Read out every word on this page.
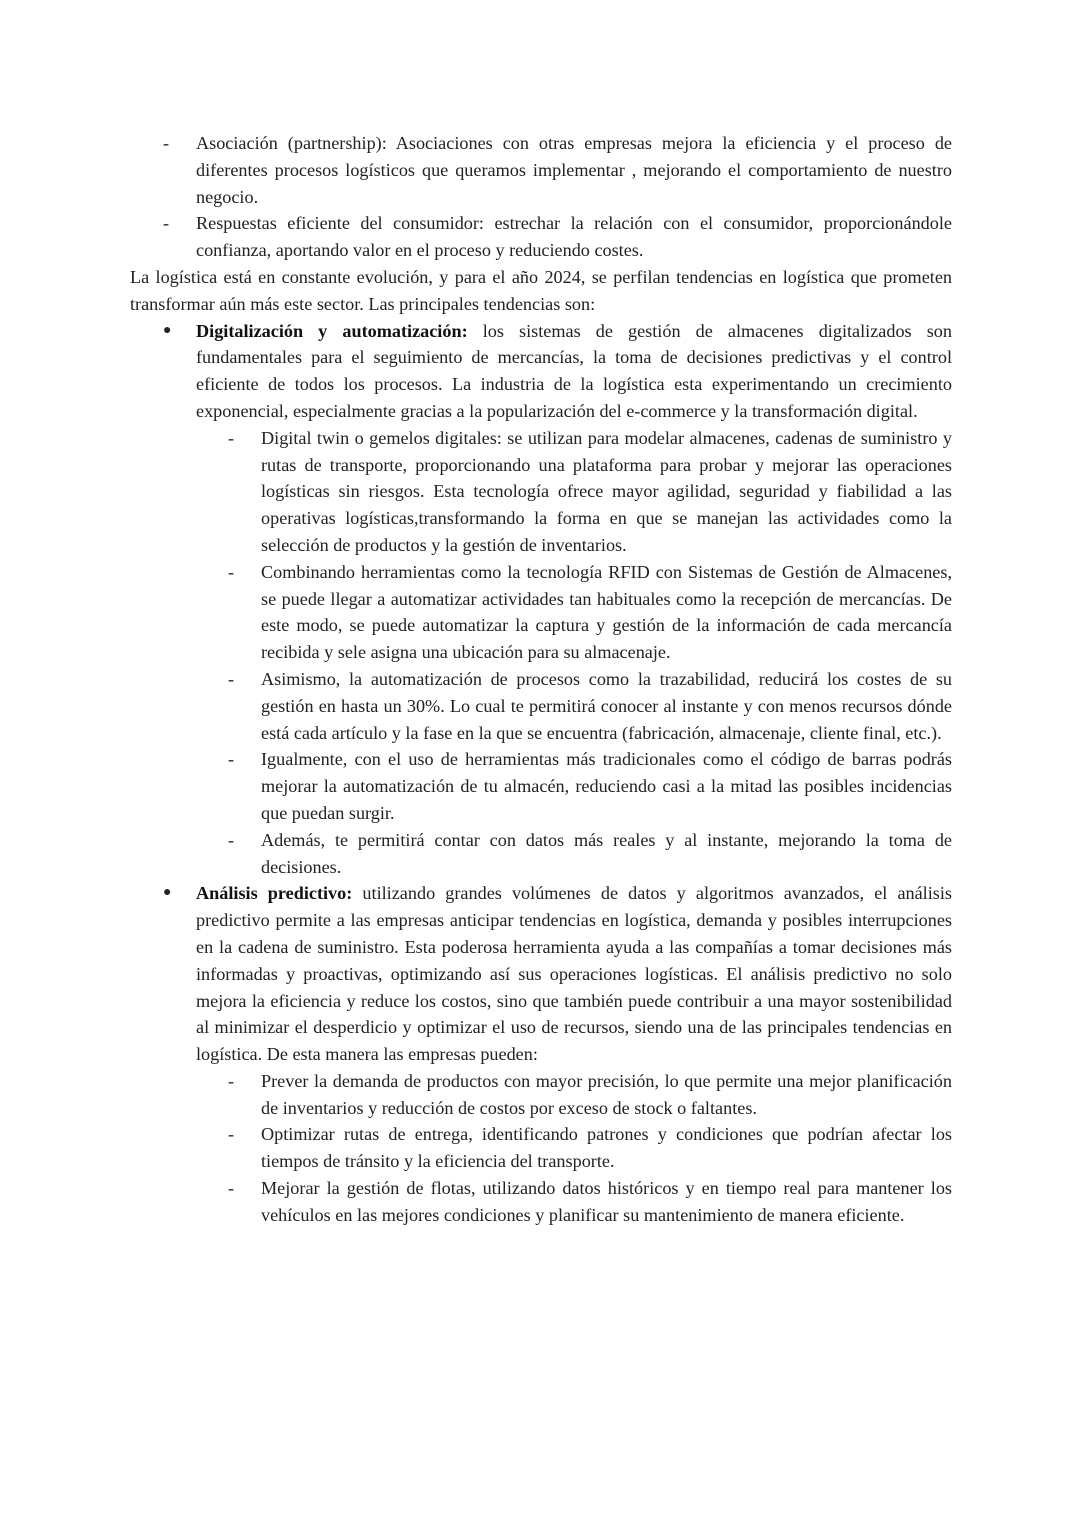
- Asociación (partnership): Asociaciones con otras empresas mejora la eficiencia y el proceso de diferentes procesos logísticos que queramos implementar , mejorando el comportamiento de nuestro negocio.
- Respuestas eficiente del consumidor: estrechar la relación con el consumidor, proporcionándole confianza, aportando valor en el proceso y reduciendo costes.

La logística está en constante evolución, y para el año 2024, se perfilan tendencias en logística que prometen transformar aún más este sector. Las principales tendencias son:

● Digitalización y automatización: los sistemas de gestión de almacenes digitalizados son fundamentales para el seguimiento de mercancías, la toma de decisiones predictivas y el control eficiente de todos los procesos. La industria de la logística esta experimentando un crecimiento exponencial, especialmente gracias a la popularización del e-commerce y la transformación digital.
- Digital twin o gemelos digitales: se utilizan para modelar almacenes, cadenas de suministro y rutas de transporte, proporcionando una plataforma para probar y mejorar las operaciones logísticas sin riesgos. Esta tecnología ofrece mayor agilidad, seguridad y fiabilidad a las operativas logísticas,transformando la forma en que se manejan las actividades como la selección de productos y la gestión de inventarios.
- Combinando herramientas como la tecnología RFID con Sistemas de Gestión de Almacenes, se puede llegar a automatizar actividades tan habituales como la recepción de mercancías. De este modo, se puede automatizar la captura y gestión de la información de cada mercancía recibida y sele asigna una ubicación para su almacenaje.
- Asimismo, la automatización de procesos como la trazabilidad, reducirá los costes de su gestión en hasta un 30%. Lo cual te permitirá conocer al instante y con menos recursos dónde está cada artículo y la fase en la que se encuentra (fabricación, almacenaje, cliente final, etc.).
- Igualmente, con el uso de herramientas más tradicionales como el código de barras podrás mejorar la automatización de tu almacén, reduciendo casi a la mitad las posibles incidencias que puedan surgir.
- Además, te permitirá contar con datos más reales y al instante, mejorando la toma de decisiones.
● Análisis predictivo: utilizando grandes volúmenes de datos y algoritmos avanzados, el análisis predictivo permite a las empresas anticipar tendencias en logística, demanda y posibles interrupciones en la cadena de suministro. Esta poderosa herramienta ayuda a las compañías a tomar decisiones más informadas y proactivas, optimizando así sus operaciones logísticas. El análisis predictivo no solo mejora la eficiencia y reduce los costos, sino que también puede contribuir a una mayor sostenibilidad al minimizar el desperdicio y optimizar el uso de recursos, siendo una de las principales tendencias en logística. De esta manera las empresas pueden:
- Prever la demanda de productos con mayor precisión, lo que permite una mejor planificación de inventarios y reducción de costos por exceso de stock o faltantes.
- Optimizar rutas de entrega, identificando patrones y condiciones que podrían afectar los tiempos de tránsito y la eficiencia del transporte.
- Mejorar la gestión de flotas, utilizando datos históricos y en tiempo real para mantener los vehículos en las mejores condiciones y planificar su mantenimiento de manera eficiente.
